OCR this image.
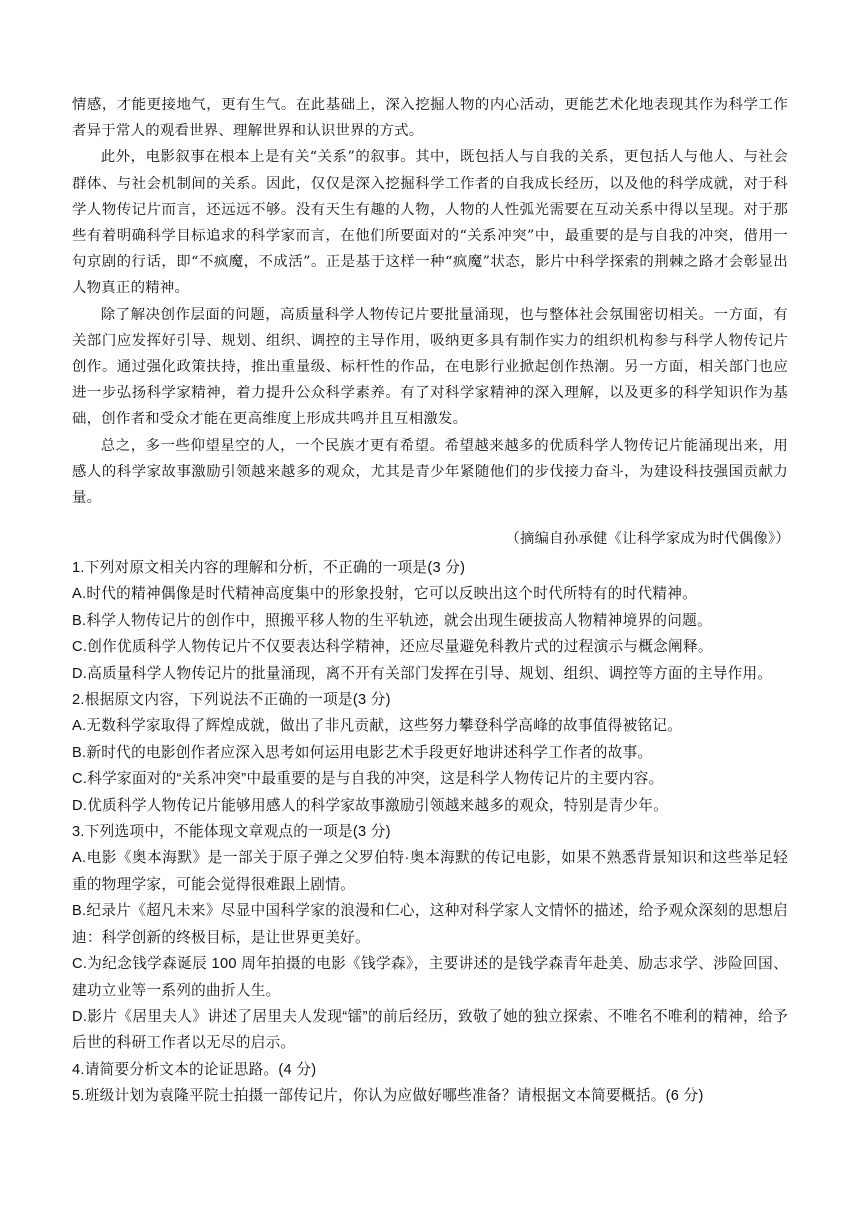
情感，才能更接地气，更有生气。在此基础上，深入挖掘人物的内心活动，更能艺术化地表现其作为科学工作者异于常人的观看世界、理解世界和认识世界的方式。

此外，电影叙事在根本上是有关“关系”的叙事。其中，既包括人与自我的关系，更包括人与他人、与社会群体、与社会机制间的关系。因此，仅仅是深入挖掘科学工作者的自我成长经历，以及他的科学成就，对于科学人物传记片而言，还远远不够。没有天生有趣的人物，人物的人性弧光需要在互动关系中得以呈现。对于那些有着明确科学目标追求的科学家而言，在他们所要面对的“关系冲突”中，最重要的是与自我的冲突，借用一句京剧的行话，即“不疯魔，不成活”。正是基于这样一种“疯魔”状态，影片中科学探索的荆棘之路才会彰显出人物真正的精神。

除了解决创作层面的问题，高质量科学人物传记片要批量涌现，也与整体社会氛围密切相关。一方面，有关部门应发挥好引导、规划、组织、调控的主导作用，吸纳更多具有制作实力的组织机构参与科学人物传记片创作。通过强化政策扶持，推出重量级、标杆性的作品，在电影行业掀起创作热潮。另一方面，相关部门也应进一步弘扬科学家精神，着力提升公众科学素养。有了对科学家精神的深入理解，以及更多的科学知识作为基础，创作者和受众才能在更高维度上形成共鸣并且互相激发。

总之，多一些仰望星空的人，一个民族才更有希望。希望越来越多的优质科学人物传记片能涌现出来，用感人的科学家故事激励引领越来越多的观众，尤其是青少年紧随他们的步伐接力奋斗，为建设科技强国贡献力量。

（摘编自孙承健《让科学家成为时代偶像》）

1.下列对原文相关内容的理解和分析，不正确的一项是(3 分)

A.时代的精神偶像是时代精神高度集中的形象投射，它可以反映出这个时代所特有的时代精神。

B.科学人物传记片的创作中，照搬平移人物的生平轨迹，就会出现生硬拔高人物精神境界的问题。

C.创作优质科学人物传记片不仅要表达科学精神，还应尽量避免科教片式的过程演示与概念阐释。

D.高质量科学人物传记片的批量涌现，离不开有关部门发挥在引导、规划、组织、调控等方面的主导作用。

2.根据原文内容，下列说法不正确的一项是(3 分)

A.无数科学家取得了辉煌成就，做出了非凡贡献，这些努力攀登科学高峰的故事值得被铭记。

B.新时代的电影创作者应深入思考如何运用电影艺术手段更好地讲述科学工作者的故事。

C.科学家面对的“关系冲突”中最重要的是与自我的冲突，这是科学人物传记片的主要内容。

D.优质科学人物传记片能够用感人的科学家故事激励引领越来越多的观众，特别是青少年。

3.下列选项中，不能体现文章观点的一项是(3 分)

A.电影《奥本海默》是一部关于原子弹之父罗伯特·奥本海默的传记电影，如果不熟悉背景知识和这些举足轻重的物理学家，可能会觉得很难跟上剧情。

B.纪录片《超凡未来》尽显中国科学家的浪漫和仁心，这种对科学家人文情怀的描述，给予观众深刻的思想启迪：科学创新的终极目标，是让世界更美好。

C.为纪念钱学森诞辰 100 周年拍摄的电影《钱学森》，主要讲述的是钱学森青年赴美、励志求学、涉险回国、建功立业等一系列的曲折人生。

D.影片《居里夫人》讲述了居里夫人发现“镭”的前后经历，致敬了她的独立探索、不唯名不唯利的精神，给予后世的科研工作者以无尽的启示。

4.请简要分析文本的论证思路。(4 分)

5.班级计划为袁隆平院士拍摄一部传记片，你认为应做好哪些准备？请根据文本简要概括。(6 分)
